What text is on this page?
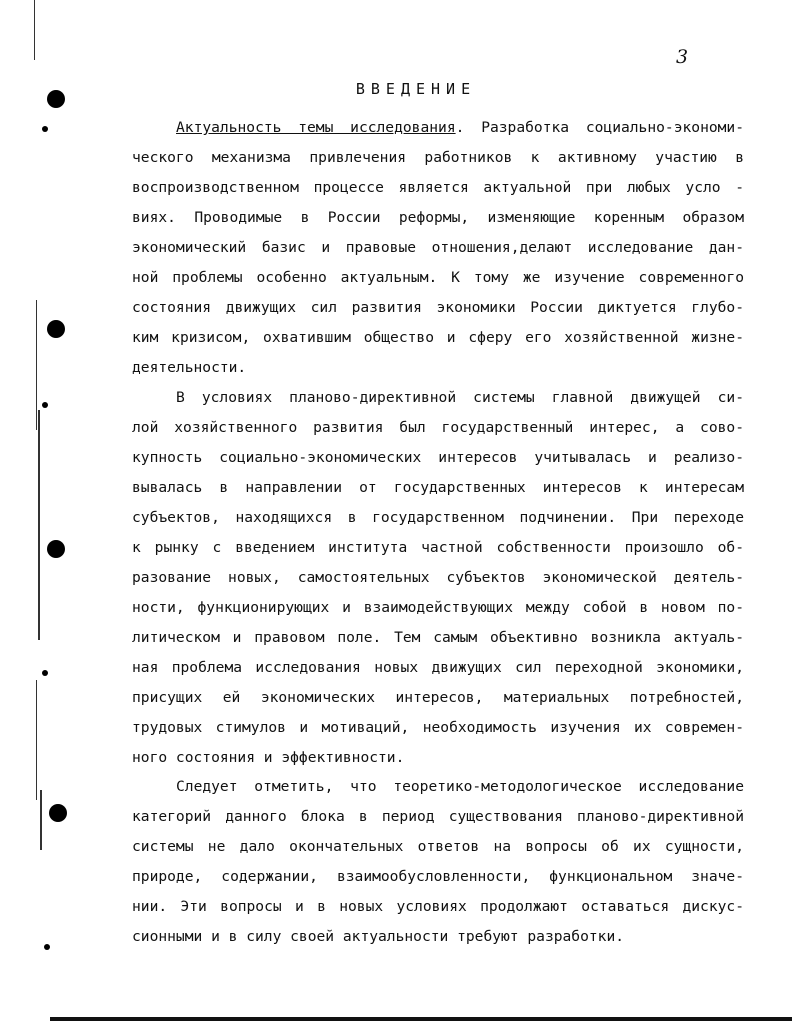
3
ВВЕДЕНИЕ
Актуальность темы исследования. Разработка социально-экономи-
ческого механизма привлечения работников к активному участию в
воспроизводственном процессе является актуальной при любых усло -
виях. Проводимые в России реформы, изменяющие коренным образом
экономический базис и правовые отношения,делают исследование дан-
ной проблемы особенно актуальным. К тому же изучение современного
состояния движущих сил развития экономики России диктуется глубо-
ким кризисом, охватившим общество и сферу его хозяйственной жизне-
деятельности.
В условиях планово-директивной системы главной движущей си-
лой хозяйственного развития был государственный интерес, а сово-
купность социально-экономических интересов учитывалась и реализо-
вывалась в направлении от государственных интересов к интересам
субъектов, находящихся в государственном подчинении. При переходе
к рынку с введением института частной собственности произошло об-
разование новых, самостоятельных субъектов экономической деятель-
ности, функционирующих и взаимодействующих между собой в новом по-
литическом и правовом поле. Тем самым объективно возникла актуаль-
ная проблема исследования новых движущих сил переходной экономики,
присущих ей экономических интересов, материальных потребностей,
трудовых стимулов и мотиваций, необходимость изучения их современ-
ного состояния и эффективности.
Следует отметить, что теоретико-методологическое исследование
категорий данного блока в период существования планово-директивной
системы не дало окончательных ответов на вопросы об их сущности,
природе, содержании, взаимообусловленности, функциональном значе-
нии. Эти вопросы и в новых условиях продолжают оставаться дискус-
сионными и в силу своей актуальности требуют разработки.
